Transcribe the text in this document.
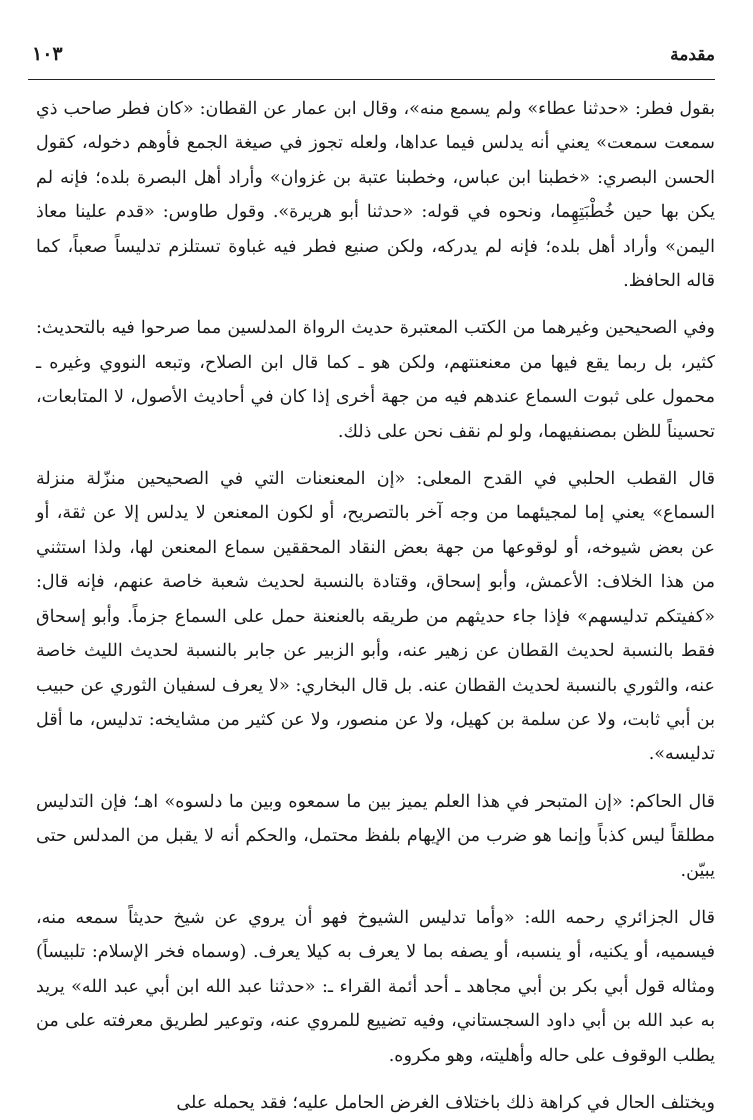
مقدمة
١٠٣

بقول فطر: «حدثنا عطاء» ولم يسمع منه»، وقال ابن عمار عن القطان: «كان فطر صاحب ذي سمعت سمعت» يعني أنه يدلس فيما عداها، ولعله تجوز في صيغة الجمع فأوهم دخوله، كقول الحسن البصري: «خطبنا ابن عباس، وخطبنا عتبة بن غزوان» وأراد أهل البصرة بلده؛ فإنه لم يكن بها حين خُطْبَتِهِما، ونحوه في قوله: «حدثنا أبو هريرة». وقول طاوس: «قدم علينا معاذ اليمن» وأراد أهل بلده؛ فإنه لم يدركه، ولكن صنيع فطر فيه غباوة تستلزم تدليساً صعباً، كما قاله الحافظ.

وفي الصحيحين وغيرهما من الكتب المعتبرة حديث الرواة المدلسين مما صرحوا فيه بالتحديث: كثير، بل ربما يقع فيها من معنعنتهم، ولكن هو ـ كما قال ابن الصلاح، وتبعه النووي وغيره ـ محمول على ثبوت السماع عندهم فيه من جهة أخرى إذا كان في أحاديث الأصول، لا المتابعات، تحسيناً للظن بمصنفيهما، ولو لم نقف نحن على ذلك.

قال القطب الحلبي في القدح المعلى: «إن المعنعنات التي في الصحيحين منزّلة منزلة السماع» يعني إما لمجيئهما من وجه آخر بالتصريح، أو لكون المعنعن لا يدلس إلا عن ثقة، أو عن بعض شيوخه، أو لوقوعها من جهة بعض النقاد المحققين سماع المعنعن لها، ولذا استثني من هذا الخلاف: الأعمش، وأبو إسحاق، وقتادة بالنسبة لحديث شعبة خاصة عنهم، فإنه قال: «كفيتكم تدليسهم» فإذا جاء حديثهم من طريقه بالعنعنة حمل على السماع جزماً. وأبو إسحاق فقط بالنسبة لحديث القطان عن زهير عنه، وأبو الزبير عن جابر بالنسبة لحديث الليث خاصة عنه، والثوري بالنسبة لحديث القطان عنه. بل قال البخاري: «لا يعرف لسفيان الثوري عن حبيب بن أبي ثابت، ولا عن سلمة بن كهيل، ولا عن منصور، ولا عن كثير من مشايخه: تدليس، ما أقل تدليسه».

قال الحاكم: «إن المتبحر في هذا العلم يميز بين ما سمعوه وبين ما دلسوه» اهـ؛ فإن التدليس مطلقاً ليس كذباً وإنما هو ضرب من الإيهام بلفظ محتمل، والحكم أنه لا يقبل من المدلس حتى يبيّن.

قال الجزائري رحمه الله: «وأما تدليس الشيوخ فهو أن يروي عن شيخ حديثاً سمعه منه، فيسميه، أو يكنيه، أو ينسبه، أو يصفه بما لا يعرف به كيلا يعرف. (وسماه فخر الإسلام: تلبيساً) ومثاله قول أبي بكر بن أبي مجاهد ـ أحد أئمة القراء ـ: «حدثنا عبد الله ابن أبي عبد الله» يريد به عبد الله بن أبي داود السجستاني، وفيه تضييع للمروي عنه، وتوعير لطريق معرفته على من يطلب الوقوف على حاله وأهليته، وهو مكروه.

ويختلف الحال في كراهة ذلك باختلاف الغرض الحامل عليه؛ فقد يحمله على
